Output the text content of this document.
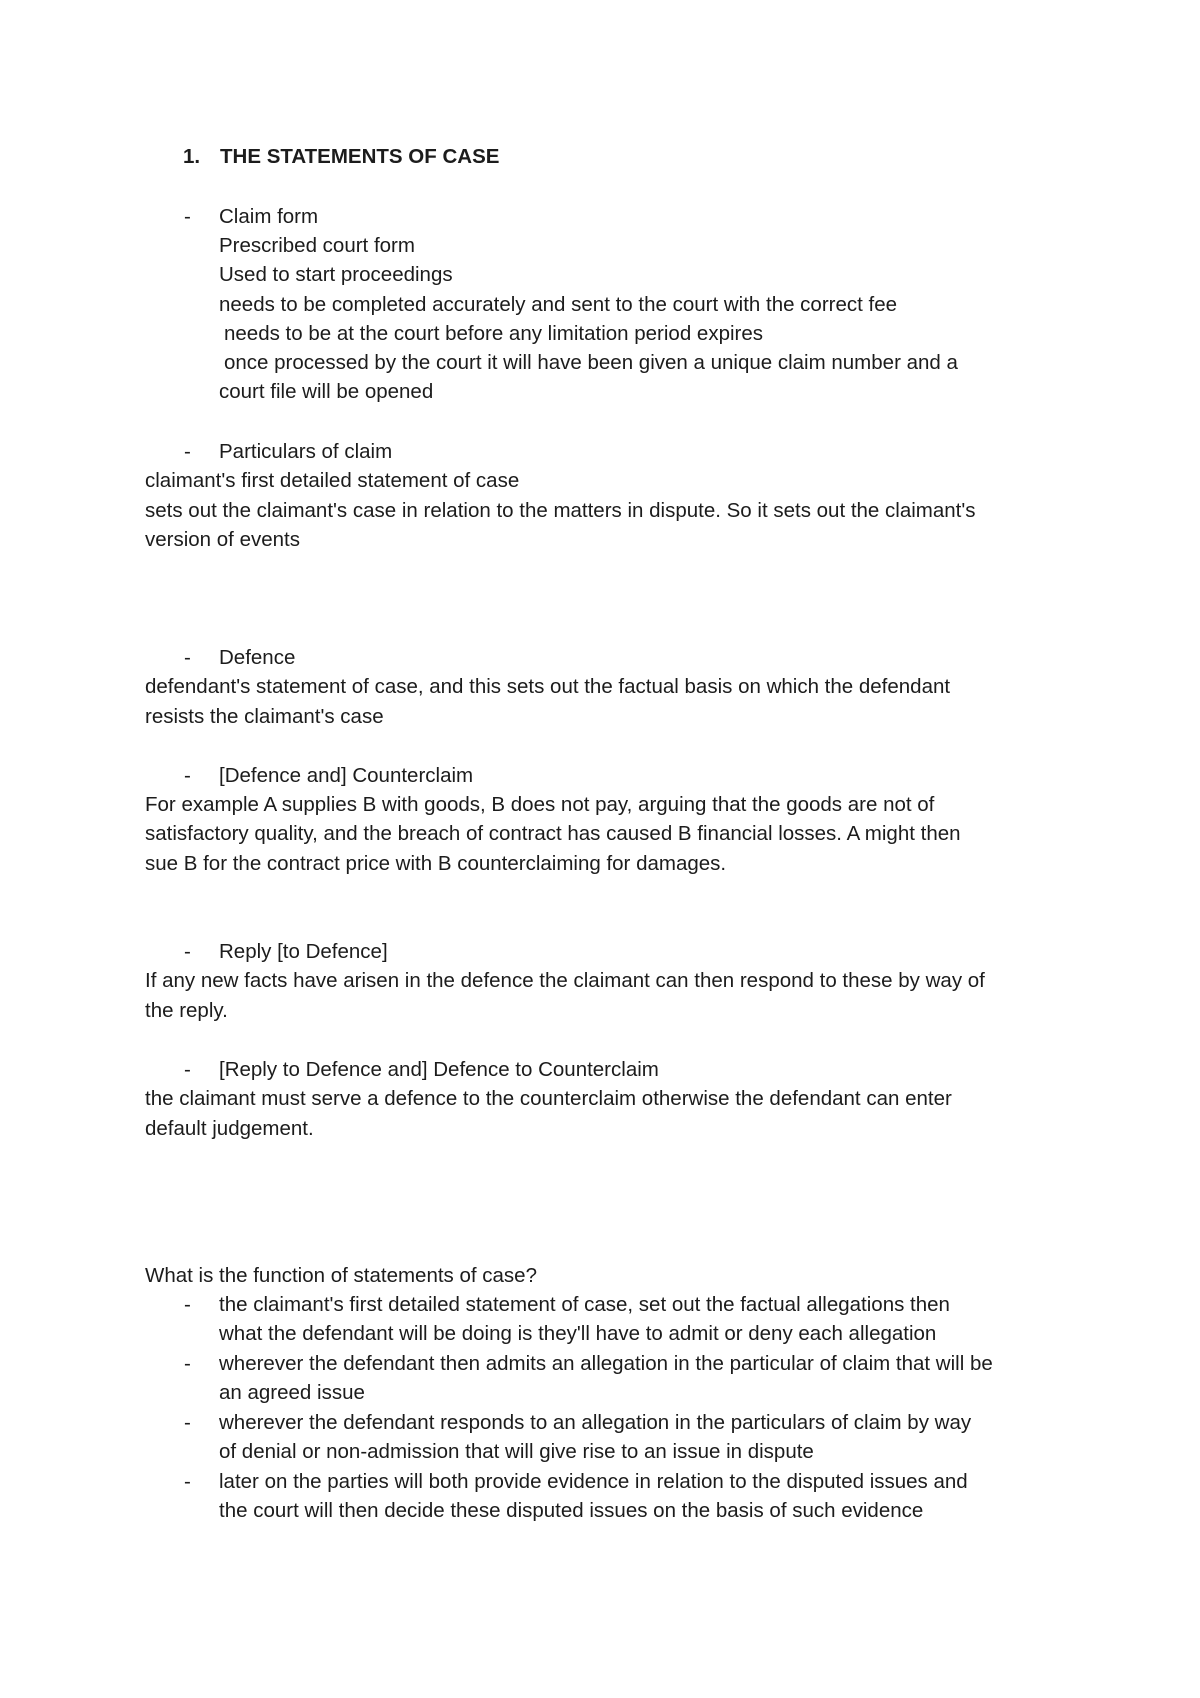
1. THE STATEMENTS OF CASE
- Claim form
Prescribed court form
Used to start proceedings
needs to be completed accurately and sent to the court with the correct fee
needs to be at the court before any limitation period expires
once processed by the court it will have been given a unique claim number and a
court file will be opened
- Particulars of claim
claimant's first detailed statement of case
sets out the claimant's case in relation to the matters in dispute. So it sets out the claimant's
version of events
- Defence
defendant's statement of case, and this sets out the factual basis on which the defendant
resists the claimant's case
- [Defence and] Counterclaim
For example A supplies B with goods, B does not pay, arguing that the goods are not of
satisfactory quality, and the breach of contract has caused B financial losses. A might then
sue B for the contract price with B counterclaiming for damages.
- Reply [to Defence]
If any new facts have arisen in the defence the claimant can then respond to these by way of
the reply.
- [Reply to Defence and] Defence to Counterclaim
the claimant must serve a defence to the counterclaim otherwise the defendant can enter
default judgement.
What is the function of statements of case?
- the claimant's first detailed statement of case, set out the factual allegations then
what the defendant will be doing is they'll have to admit or deny each allegation
- wherever the defendant then admits an allegation in the particular of claim that will be
an agreed issue
- wherever the defendant responds to an allegation in the particulars of claim by way
of denial or non-admission that will give rise to an issue in dispute
- later on the parties will both provide evidence in relation to the disputed issues and
the court will then decide these disputed issues on the basis of such evidence
